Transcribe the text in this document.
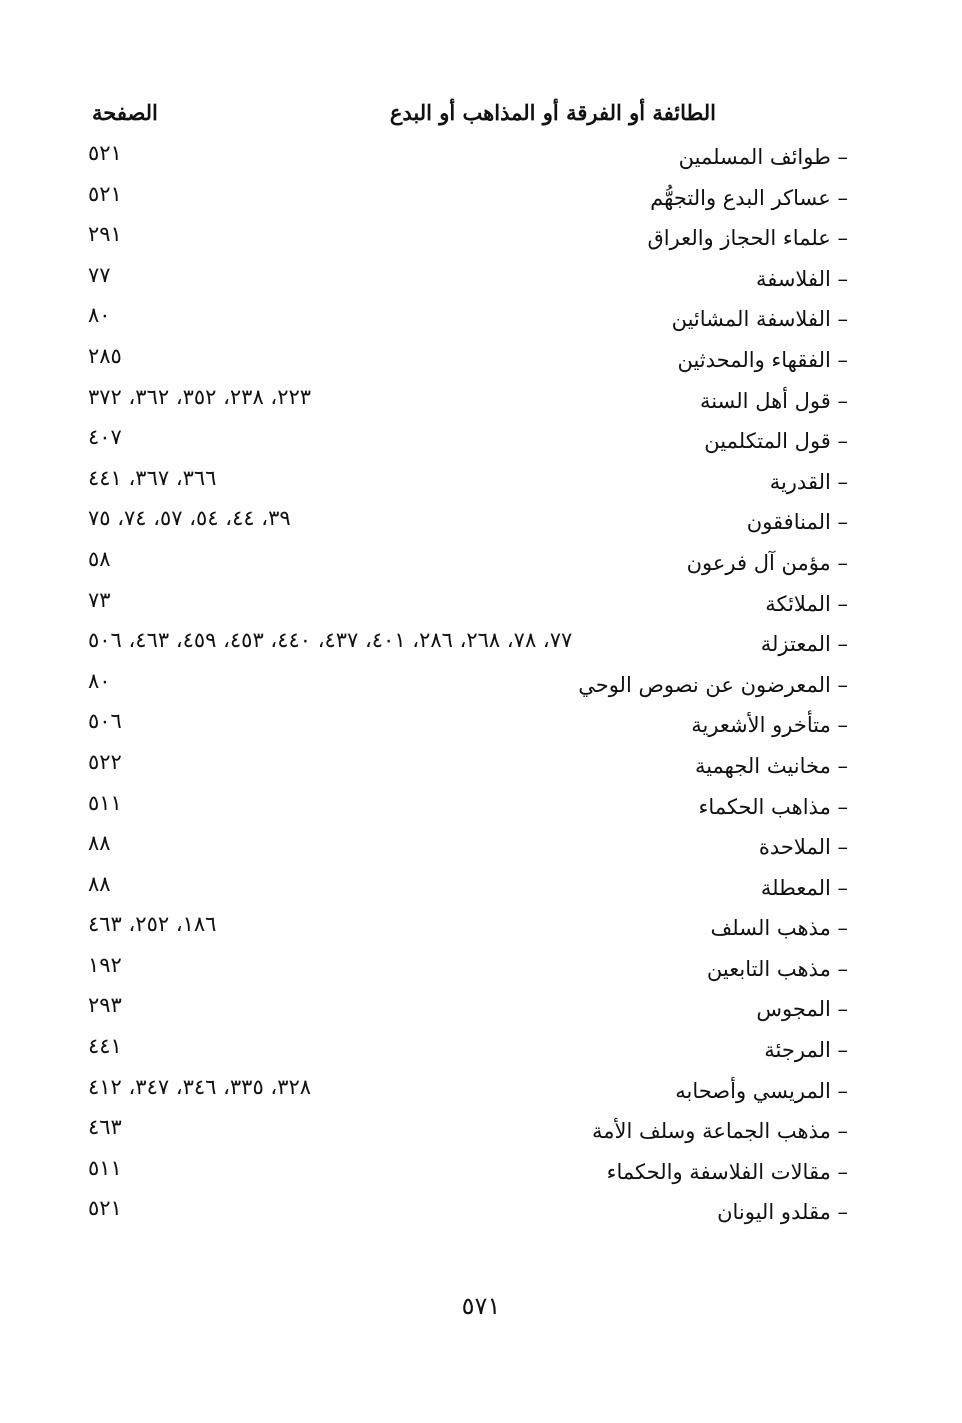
الطائفة أو الفرقة أو المذاهب أو البدع
الصفحة
– طوائف المسلمين
٥٢١
– عساكر البدع والتجهُّم
٥٢١
– علماء الحجاز والعراق
٢٩١
– الفلاسفة
٧٧
– الفلاسفة المشائين
٨٠
– الفقهاء والمحدثين
٢٨٥
– قول أهل السنة
٢٢٣، ٢٣٨، ٣٥٢، ٣٦٢، ٣٧٢
– قول المتكلمين
٤٠٧
– القدرية
٣٦٦، ٣٦٧، ٤٤١
– المنافقون
٣٩، ٤٤، ٥٤، ٥٧، ٧٤، ٧٥
– مؤمن آل فرعون
٥٨
– الملائكة
٧٣
– المعتزلة
٧٧، ٧٨، ٢٦٨، ٢٨٦، ٤٠١، ٤٣٧، ٤٤٠، ٤٥٣، ٤٥٩، ٤٦٣، ٥٠٦
– المعرضون عن نصوص الوحي
٨٠
– متأخرو الأشعرية
٥٠٦
– مخانيث الجهمية
٥٢٢
– مذاهب الحكماء
٥١١
– الملاحدة
٨٨
– المعطلة
٨٨
– مذهب السلف
١٨٦، ٢٥٢، ٤٦٣
– مذهب التابعين
١٩٢
– المجوس
٢٩٣
– المرجئة
٤٤١
– المريسي وأصحابه
٣٢٨، ٣٣٥، ٣٤٦، ٣٤٧، ٤١٢
– مذهب الجماعة وسلف الأمة
٤٦٣
– مقالات الفلاسفة والحكماء
٥١١
– مقلدو اليونان
٥٢١
٥٧١
